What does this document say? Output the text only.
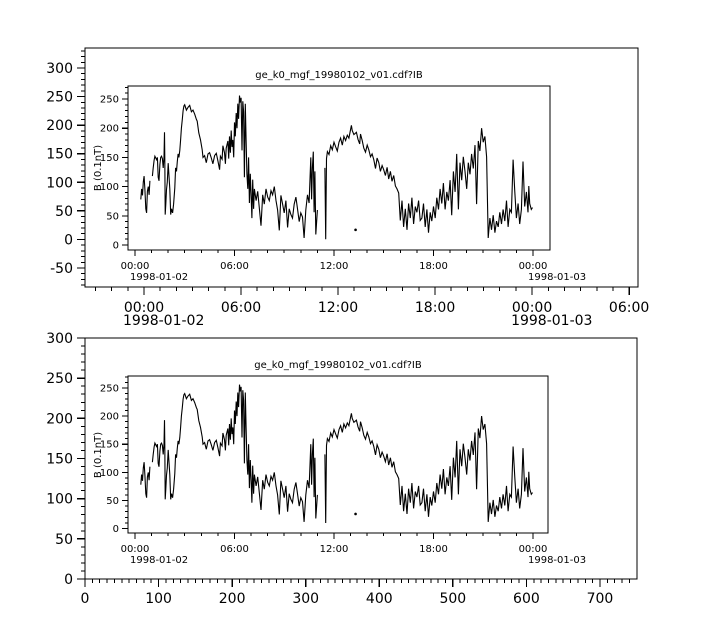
300
250
200
150
100
50
0
-50
00:00	06:00	12:00	18:00	00:00	06:00
1998-01-02	1998-01-03
250
200
150
100
50
0
00:00	06:00	12:00	18:00	00:00
1998-01-02	1998-01-03
ge_k0_mgf_19980102_v01.cdf?IB
B (0.1nT)
300
250
200
150
100
50
0
0	100	200	300	400	500	600	700
250
200
150
100
50
0
00:00	06:00	12:00	18:00	00:00
1998-01-02	1998-01-03
ge_k0_mgf_19980102_v01.cdf?IB
B (0.1nT)
